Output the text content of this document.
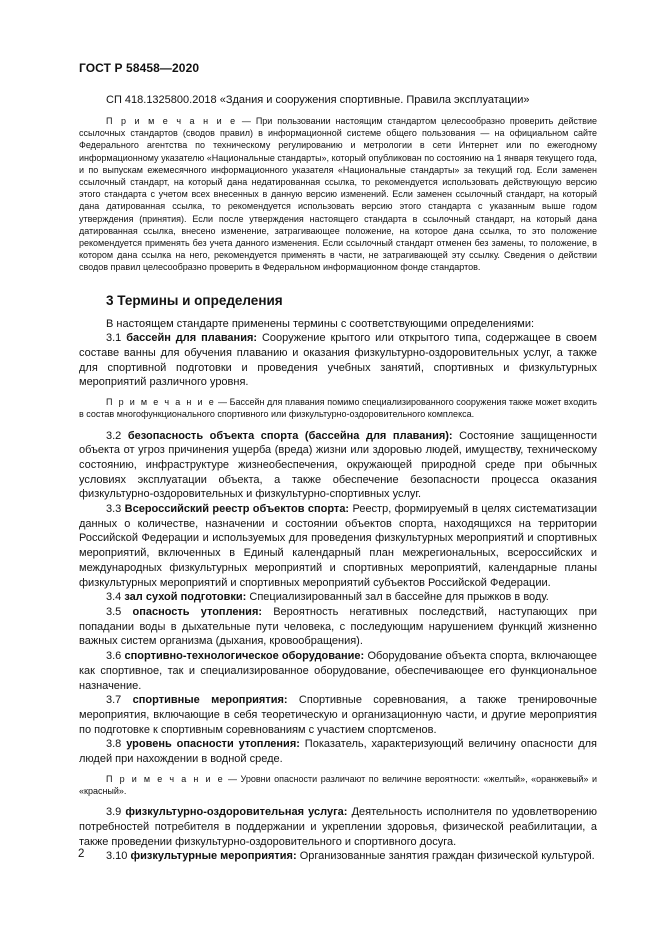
ГОСТ Р 58458—2020

СП 418.1325800.2018 «Здания и сооружения спортивные. Правила эксплуатации»

П р и м е ч а н и е — При пользовании настоящим стандартом целесообразно проверить действие ссылочных стандартов (сводов правил) в информационной системе общего пользования — на официальном сайте Федерального агентства по техническому регулированию и метрологии в сети Интернет или по ежегодному информационному указателю «Национальные стандарты», который опубликован по состоянию на 1 января текущего года, и по выпускам ежемесячного информационного указателя «Национальные стандарты» за текущий год. Если заменен ссылочный стандарт, на который дана недатированная ссылка, то рекомендуется использовать действующую версию этого стандарта с учетом всех внесенных в данную версию изменений. Если заменен ссылочный стандарт, на который дана датированная ссылка, то рекомендуется использовать версию этого стандарта с указанным выше годом утверждения (принятия). Если после утверждения настоящего стандарта в ссылочный стандарт, на который дана датированная ссылка, внесено изменение, затрагивающее положение, на которое дана ссылка, то это положение рекомендуется применять без учета данного изменения. Если ссылочный стандарт отменен без замены, то положение, в котором дана ссылка на него, рекомендуется применять в части, не затрагивающей эту ссылку. Сведения о действии сводов правил целесообразно проверить в Федеральном информационном фонде стандартов.

3 Термины и определения

В настоящем стандарте применены термины с соответствующими определениями:

3.1 бассейн для плавания: Сооружение крытого или открытого типа, содержащее в своем составе ванны для обучения плаванию и оказания физкультурно-оздоровительных услуг, а также для спортивной подготовки и проведения учебных занятий, спортивных и физкультурных мероприятий различного уровня.

П р и м е ч а н и е — Бассейн для плавания помимо специализированного сооружения также может входить в состав многофункционального спортивного или физкультурно-оздоровительного комплекса.

3.2 безопасность объекта спорта (бассейна для плавания): Состояние защищенности объекта от угроз причинения ущерба (вреда) жизни или здоровью людей, имуществу, техническому состоянию, инфраструктуре жизнеобеспечения, окружающей природной среде при обычных условиях эксплуатации объекта, а также обеспечение безопасности процесса оказания физкультурно-оздоровительных и физкультурно-спортивных услуг.

3.3 Всероссийский реестр объектов спорта: Реестр, формируемый в целях систематизации данных о количестве, назначении и состоянии объектов спорта, находящихся на территории Российской Федерации и используемых для проведения физкультурных мероприятий и спортивных мероприятий, включенных в Единый календарный план межрегиональных, всероссийских и международных физкультурных мероприятий и спортивных мероприятий, календарные планы физкультурных мероприятий и спортивных мероприятий субъектов Российской Федерации.

3.4 зал сухой подготовки: Специализированный зал в бассейне для прыжков в воду.

3.5 опасность утопления: Вероятность негативных последствий, наступающих при попадании воды в дыхательные пути человека, с последующим нарушением функций жизненно важных систем организма (дыхания, кровообращения).

3.6 спортивно-технологическое оборудование: Оборудование объекта спорта, включающее как спортивное, так и специализированное оборудование, обеспечивающее его функциональное назначение.

3.7 спортивные мероприятия: Спортивные соревнования, а также тренировочные мероприятия, включающие в себя теоретическую и организационную части, и другие мероприятия по подготовке к спортивным соревнованиям с участием спортсменов.

3.8 уровень опасности утопления: Показатель, характеризующий величину опасности для людей при нахождении в водной среде.

П р и м е ч а н и е — Уровни опасности различают по величине вероятности: «желтый», «оранжевый» и «красный».

3.9 физкультурно-оздоровительная услуга: Деятельность исполнителя по удовлетворению потребностей потребителя в поддержании и укреплении здоровья, физической реабилитации, а также проведении физкультурно-оздоровительного и спортивного досуга.

3.10 физкультурные мероприятия: Организованные занятия граждан физической культурой.

2
